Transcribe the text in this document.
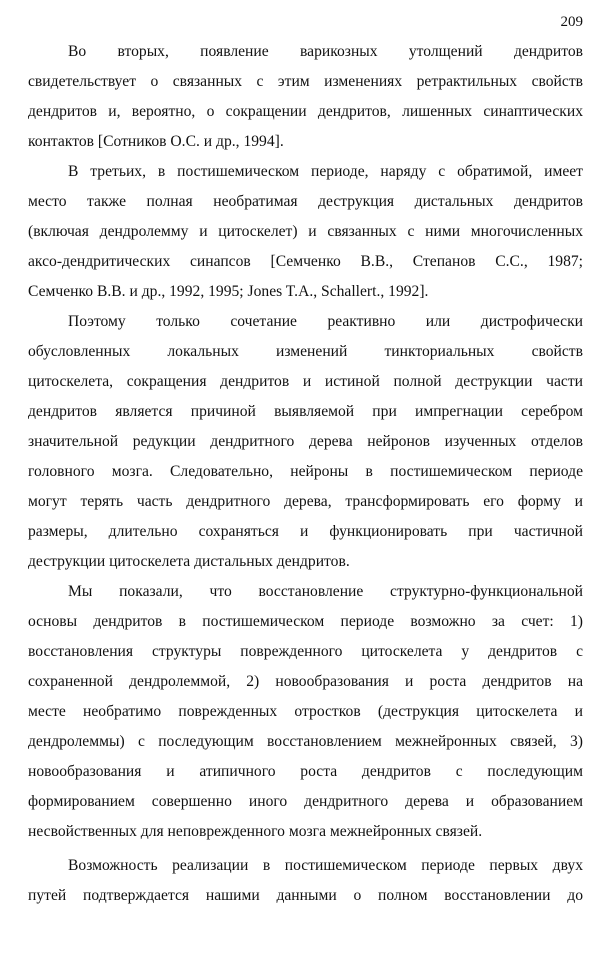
209
Во вторых, появление варикозных утолщений дендритов
свидетельствует о связанных с этим изменениях ретрактильных свойств
дендритов и, вероятно, о сокращении дендритов, лишенных синаптических
контактов [Сотников О.С. и др., 1994].
В третьих, в постишемическом периоде, наряду с обратимой, имеет
место также полная необратимая деструкция дистальных дендритов
(включая дендролемму и цитоскелет) и связанных с ними многочисленных
аксо-дендритических синапсов [Семченко В.В., Степанов С.С., 1987;
Семченко В.В. и др., 1992, 1995; Jones T.A., Schallert., 1992].
Поэтому только сочетание реактивно или дистрофически
обусловленных локальных изменений тинкториальных свойств
цитоскелета, сокращения дендритов и истиной полной деструкции части
дендритов является причиной выявляемой при импрегнации серебром
значительной редукции дендритного дерева нейронов изученных отделов
головного мозга. Следовательно, нейроны в постишемическом периоде
могут терять часть дендритного дерева, трансформировать его форму и
размеры, длительно сохраняться и функционировать при частичной
деструкции цитоскелета дистальных дендритов.
Мы показали, что восстановление структурно-функциональной
основы дендритов в постишемическом периоде возможно за счет: 1)
восстановления структуры поврежденного цитоскелета у дендритов с
сохраненной дендролеммой, 2) новообразования и роста дендритов на
месте необратимо поврежденных отростков (деструкция цитоскелета и
дендролеммы) с последующим восстановлением межнейронных связей, 3)
новообразования и атипичного роста дендритов с последующим
формированием совершенно иного дендритного дерева и образованием
несвойственных для неповрежденного мозга межнейронных связей.
Возможность реализации в постишемическом периоде первых двух
путей подтверждается нашими данными о полном восстановлении до
